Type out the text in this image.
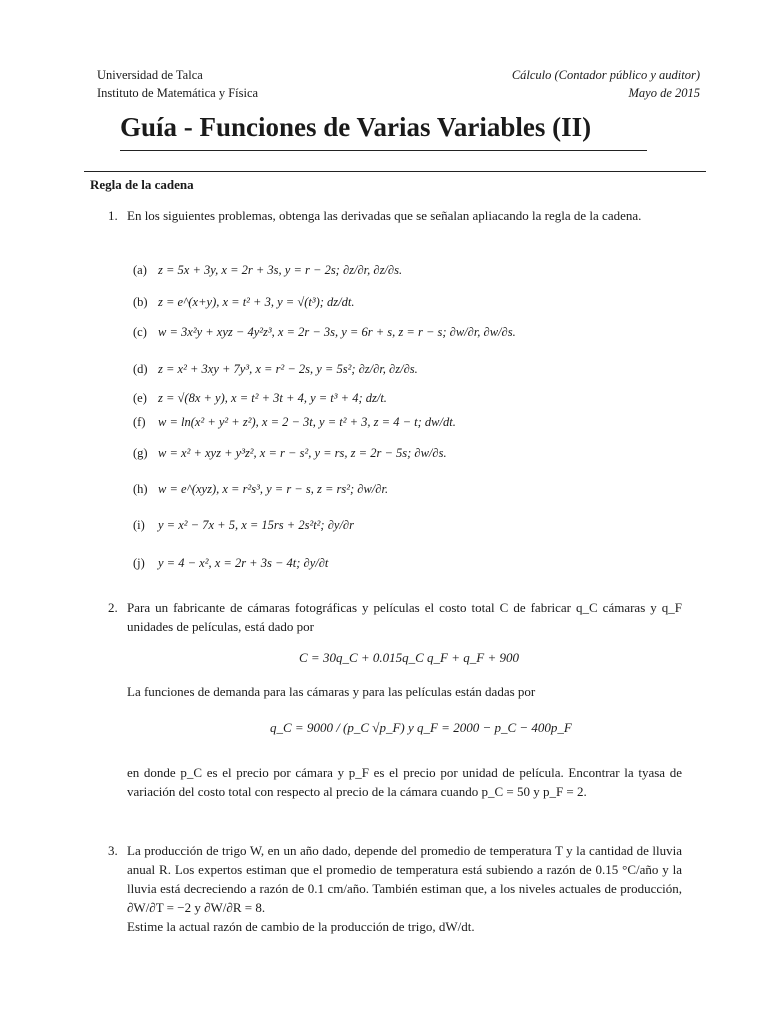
Universidad de Talca
Instituto de Matemática y Física
Cálculo (Contador público y auditor)
Mayo de 2015
Guía - Funciones de Varias Variables (II)
Regla de la cadena
1. En los siguientes problemas, obtenga las derivadas que se señalan apliacando la regla de la cadena.
(a) z = 5x + 3y, x = 2r + 3s, y = r − 2s; ∂z/∂r, ∂z/∂s.
(b) z = e^(x+y), x = t² + 3, y = √(t³); dz/dt.
(c) w = 3x²y + xyz − 4y²z³, x = 2r − 3s, y = 6r + s, z = r − s; ∂w/∂r, ∂w/∂s.
(d) z = x² + 3xy + 7y³, x = r² − 2s, y = 5s²; ∂z/∂r, ∂z/∂s.
(e) z = √(8x + y), x = t² + 3t + 4, y = t³ + 4; dz/t.
(f) w = ln(x² + y² + z²), x = 2 − 3t, y = t² + 3, z = 4 − t; dw/dt.
(g) w = x² + xyz + y³z², x = r − s², y = rs, z = 2r − 5s; ∂w/∂s.
(h) w = e^(xyz), x = r²s³, y = r − s, z = rs²; ∂w/∂r.
(i) y = x² − 7x + 5, x = 15rs + 2s²t²; ∂y/∂r
(j) y = 4 − x², x = 2r + 3s − 4t; ∂y/∂t
2. Para un fabricante de cámaras fotográficas y películas el costo total C de fabricar q_C cámaras y q_F unidades de películas, está dado por
C = 30q_C + 0.015q_C q_F + q_F + 900
La funciones de demanda para las cámaras y para las películas están dadas por
q_C = 9000 / (p_C √p_F) y q_F = 2000 − p_C − 400p_F
en donde p_C es el precio por cámara y p_F es el precio por unidad de película. Encontrar la tyasa de variación del costo total con respecto al precio de la cámara cuando p_C = 50 y p_F = 2.
3. La producción de trigo W, en un año dado, depende del promedio de temperatura T y la cantidad de lluvia anual R. Los expertos estiman que el promedio de temperatura está subiendo a razón de 0.15 °C/año y la lluvia está decreciendo a razón de 0.1 cm/año. También estiman que, a los niveles actuales de producción, ∂W/∂T = −2 y ∂W/∂R = 8.
Estime la actual razón de cambio de la producción de trigo, dW/dt.
